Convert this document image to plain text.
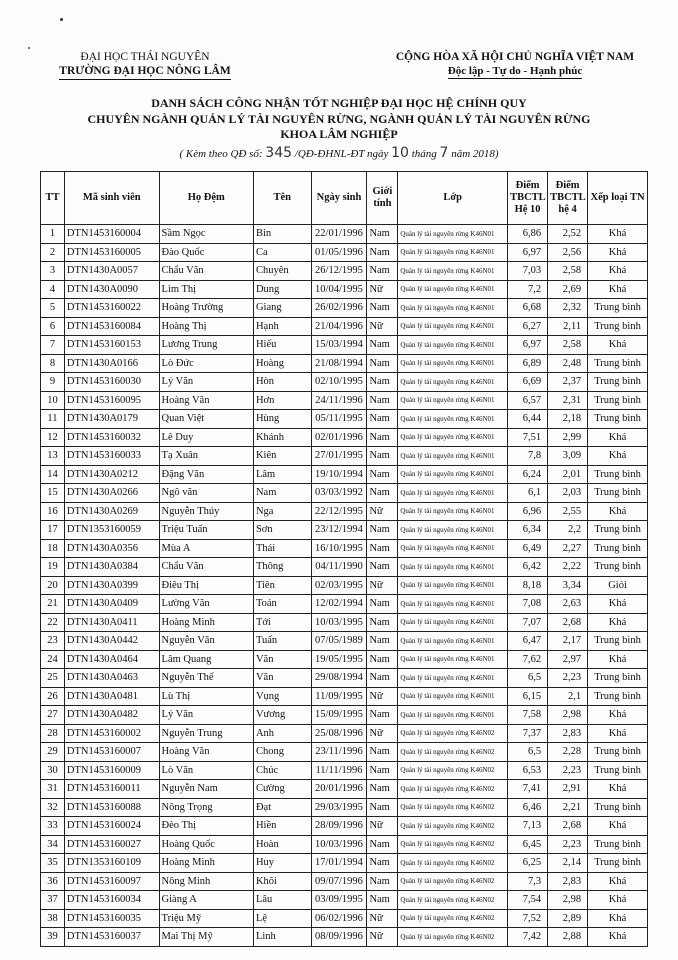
ĐẠI HỌC THÁI NGUYÊN
TRƯỜNG ĐẠI HỌC NÔNG LÂM
CỘNG HÒA XÃ HỘI CHỦ NGHĨA VIỆT NAM
Độc lập - Tự do - Hạnh phúc
DANH SÁCH CÔNG NHẬN TỐT NGHIỆP ĐẠI HỌC HỆ CHÍNH QUY
CHUYÊN NGÀNH QUẢN LÝ TÀI NGUYÊN RỪNG, NGÀNH QUẢN LÝ TÀI NGUYÊN RỪNG
KHOA LÂM NGHIỆP
( Kèm theo QĐ số: 345 /QĐ-ĐHNL-ĐT ngày 10 tháng 7 năm 2018)
TT	Mã sinh viên	Họ Đệm	Tên	Ngày sinh	Giới tính	Lớp	Điểm TBCTL Hệ 10	Điểm TBCTL hệ 4	Xếp loại TN
1	DTN1453160004	Sầm Ngọc	Bin	22/01/1996	Nam	Quản lý tài nguyên rừng K46N01	6,86	2,52	Khá
2	DTN1453160005	Đào Quốc	Ca	01/05/1996	Nam	Quản lý tài nguyên rừng K46N01	6,97	2,56	Khá
3	DTN1430A0057	Chẩu Văn	Chuyên	26/12/1995	Nam	Quản lý tài nguyên rừng K46N01	7,03	2,58	Khá
4	DTN1430A0090	Lìm Thị	Dung	10/04/1995	Nữ	Quản lý tài nguyên rừng K46N01	7,2	2,69	Khá
5	DTN1453160022	Hoàng Trường	Giang	26/02/1996	Nam	Quản lý tài nguyên rừng K46N01	6,68	2,32	Trung bình
6	DTN1453160084	Hoàng Thị	Hạnh	21/04/1996	Nữ	Quản lý tài nguyên rừng K46N01	6,27	2,11	Trung bình
7	DTN1453160153	Lương Trung	Hiếu	15/03/1994	Nam	Quản lý tài nguyên rừng K46N01	6,97	2,58	Khá
8	DTN1430A0166	Lò Đức	Hoàng	21/08/1994	Nam	Quản lý tài nguyên rừng K46N01	6,89	2,48	Trung bình
9	DTN1453160030	Lý Văn	Hòn	02/10/1995	Nam	Quản lý tài nguyên rừng K46N01	6,69	2,37	Trung bình
10	DTN1453160095	Hoàng Văn	Hơn	24/11/1996	Nam	Quản lý tài nguyên rừng K46N01	6,57	2,31	Trung bình
11	DTN1430A0179	Quan Việt	Hùng	05/11/1995	Nam	Quản lý tài nguyên rừng K46N01	6,44	2,18	Trung bình
12	DTN1453160032	Lê Duy	Khánh	02/01/1996	Nam	Quản lý tài nguyên rừng K46N01	7,51	2,99	Khá
13	DTN1453160033	Tạ Xuân	Kiên	27/01/1995	Nam	Quản lý tài nguyên rừng K46N01	7,8	3,09	Khá
14	DTN1430A0212	Đặng Văn	Lâm	19/10/1994	Nam	Quản lý tài nguyên rừng K46N01	6,24	2,01	Trung bình
15	DTN1430A0266	Ngô văn	Nam	03/03/1992	Nam	Quản lý tài nguyên rừng K46N01	6,1	2,03	Trung bình
16	DTN1430A0269	Nguyễn Thúy	Nga	22/12/1995	Nữ	Quản lý tài nguyên rừng K46N01	6,96	2,55	Khá
17	DTN1353160059	Triệu Tuấn	Sơn	23/12/1994	Nam	Quản lý tài nguyên rừng K46N01	6,34	2,2	Trung bình
18	DTN1430A0356	Mùa A	Thái	16/10/1995	Nam	Quản lý tài nguyên rừng K46N01	6,49	2,27	Trung bình
19	DTN1430A0384	Chẩu Văn	Thông	04/11/1990	Nam	Quản lý tài nguyên rừng K46N01	6,42	2,22	Trung bình
20	DTN1430A0399	Điêu Thị	Tiên	02/03/1995	Nữ	Quản lý tài nguyên rừng K46N01	8,18	3,34	Giỏi
21	DTN1430A0409	Lường Văn	Toán	12/02/1994	Nam	Quản lý tài nguyên rừng K46N01	7,08	2,63	Khá
22	DTN1430A0411	Hoàng Minh	Tới	10/03/1995	Nam	Quản lý tài nguyên rừng K46N01	7,07	2,68	Khá
23	DTN1430A0442	Nguyễn Văn	Tuấn	07/05/1989	Nam	Quản lý tài nguyên rừng K46N01	6,47	2,17	Trung bình
24	DTN1430A0464	Lâm Quang	Văn	19/05/1995	Nam	Quản lý tài nguyên rừng K46N01	7,62	2,97	Khá
25	DTN1430A0463	Nguyễn Thế	Văn	29/08/1994	Nam	Quản lý tài nguyên rừng K46N01	6,5	2,23	Trung bình
26	DTN1430A0481	Lù Thị	Vụng	11/09/1995	Nữ	Quản lý tài nguyên rừng K46N01	6,15	2,1	Trung bình
27	DTN1430A0482	Lý Văn	Vương	15/09/1995	Nam	Quản lý tài nguyên rừng K46N01	7,58	2,98	Khá
28	DTN1453160002	Nguyễn Trung	Anh	25/08/1996	Nữ	Quản lý tài nguyên rừng K46N02	7,37	2,83	Khá
29	DTN1453160007	Hoàng Văn	Chong	23/11/1996	Nam	Quản lý tài nguyên rừng K46N02	6,5	2,28	Trung bình
30	DTN1453160009	Lò Văn	Chúc	11/11/1996	Nam	Quản lý tài nguyên rừng K46N02	6,53	2,23	Trung bình
31	DTN1453160011	Nguyễn Nam	Cường	20/01/1996	Nam	Quản lý tài nguyên rừng K46N02	7,41	2,91	Khá
32	DTN1453160088	Nông Trọng	Đạt	29/03/1995	Nam	Quản lý tài nguyên rừng K46N02	6,46	2,21	Trung bình
33	DTN1453160024	Đèo Thị	Hiền	28/09/1996	Nữ	Quản lý tài nguyên rừng K46N02	7,13	2,68	Khá
34	DTN1453160027	Hoàng Quốc	Hoàn	10/03/1996	Nam	Quản lý tài nguyên rừng K46N02	6,45	2,23	Trung bình
35	DTN1353160109	Hoàng Minh	Huy	17/01/1994	Nam	Quản lý tài nguyên rừng K46N02	6,25	2,14	Trung bình
36	DTN1453160097	Nông Minh	Khôi	09/07/1996	Nam	Quản lý tài nguyên rừng K46N02	7,3	2,83	Khá
37	DTN1453160034	Giàng A	Lâu	03/09/1995	Nam	Quản lý tài nguyên rừng K46N02	7,54	2,98	Khá
38	DTN1453160035	Triệu Mỹ	Lệ	06/02/1996	Nữ	Quản lý tài nguyên rừng K46N02	7,52	2,89	Khá
39	DTN1453160037	Mai Thị Mỹ	Linh	08/09/1996	Nữ	Quản lý tài nguyên rừng K46N02	7,42	2,88	Khá
